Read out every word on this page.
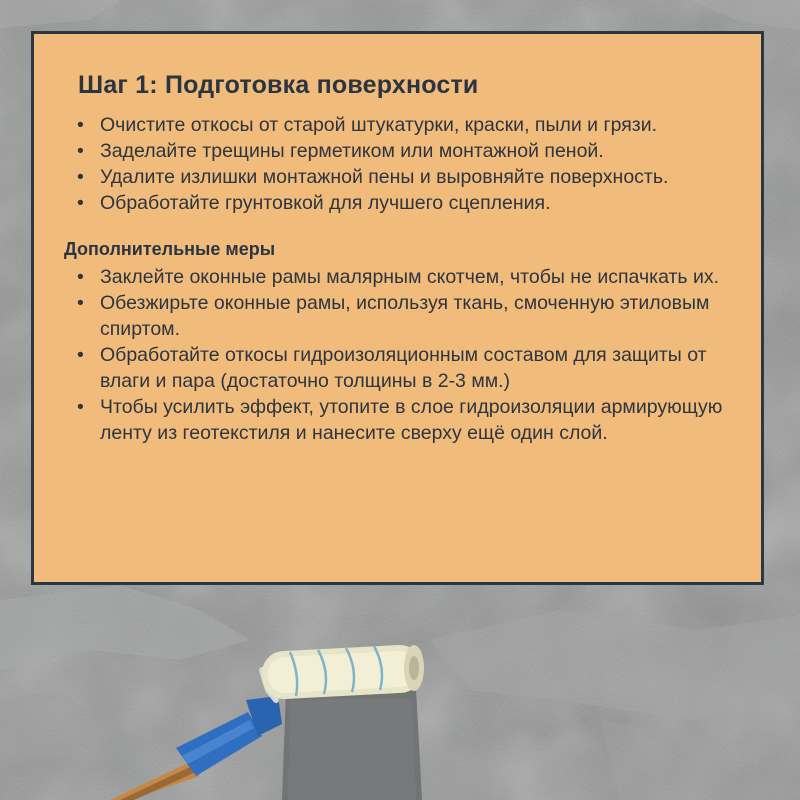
Шаг 1: Подготовка поверхности
• Очистите откосы от старой штукатурки, краски, пыли и грязи.
• Заделайте трещины герметиком или монтажной пеной.
• Удалите излишки монтажной пены и выровняйте поверхность.
• Обработайте грунтовкой для лучшего сцепления.
Дополнительные меры
• Заклейте оконные рамы малярным скотчем, чтобы не испачкать их.
• Обезжирьте оконные рамы, используя ткань, смоченную этиловым спиртом.
• Обработайте откосы гидроизоляционным составом для защиты от влаги и пара (достаточно толщины в 2-3 мм.)
• Чтобы усилить эффект, утопите в слое гидроизоляции армирующую ленту из геотекстиля и нанесите сверху ещё один слой.
